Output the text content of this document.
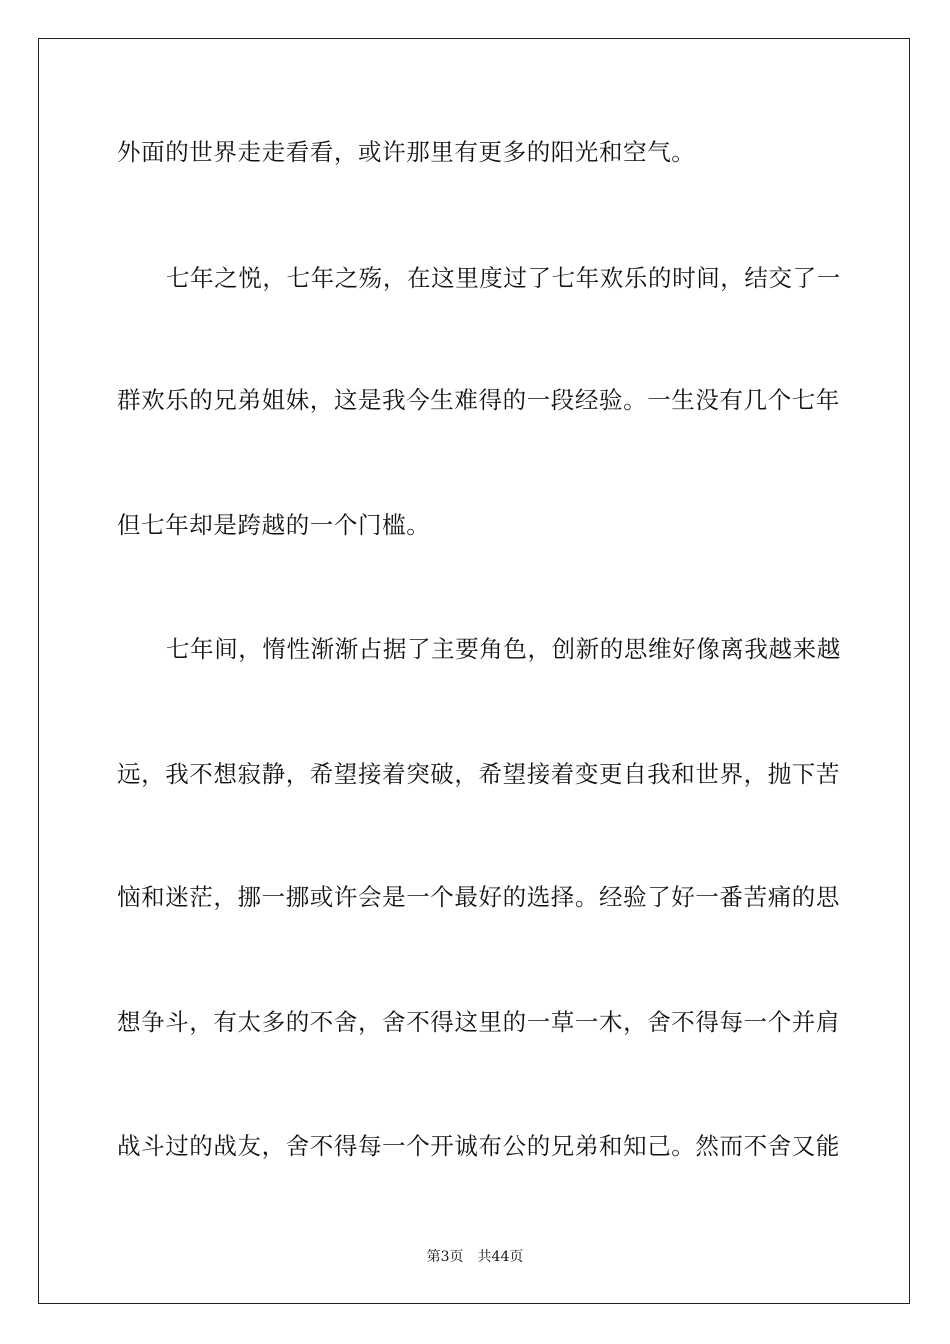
外面的世界走走看看，或许那里有更多的阳光和空气。
七年之悦，七年之殇，在这里度过了七年欢乐的时间，结交了一
群欢乐的兄弟姐妹，这是我今生难得的一段经验。一生没有几个七年
但七年却是跨越的一个门槛。
七年间，惰性渐渐占据了主要角色，创新的思维好像离我越来越
远，我不想寂静，希望接着突破，希望接着变更自我和世界，抛下苦
恼和迷茫，挪一挪或许会是一个最好的选择。经验了好一番苦痛的思
想争斗，有太多的不舍，舍不得这里的一草一木，舍不得每一个并肩
战斗过的战友，舍不得每一个开诚布公的兄弟和知己。然而不舍又能
第3页　共44页
